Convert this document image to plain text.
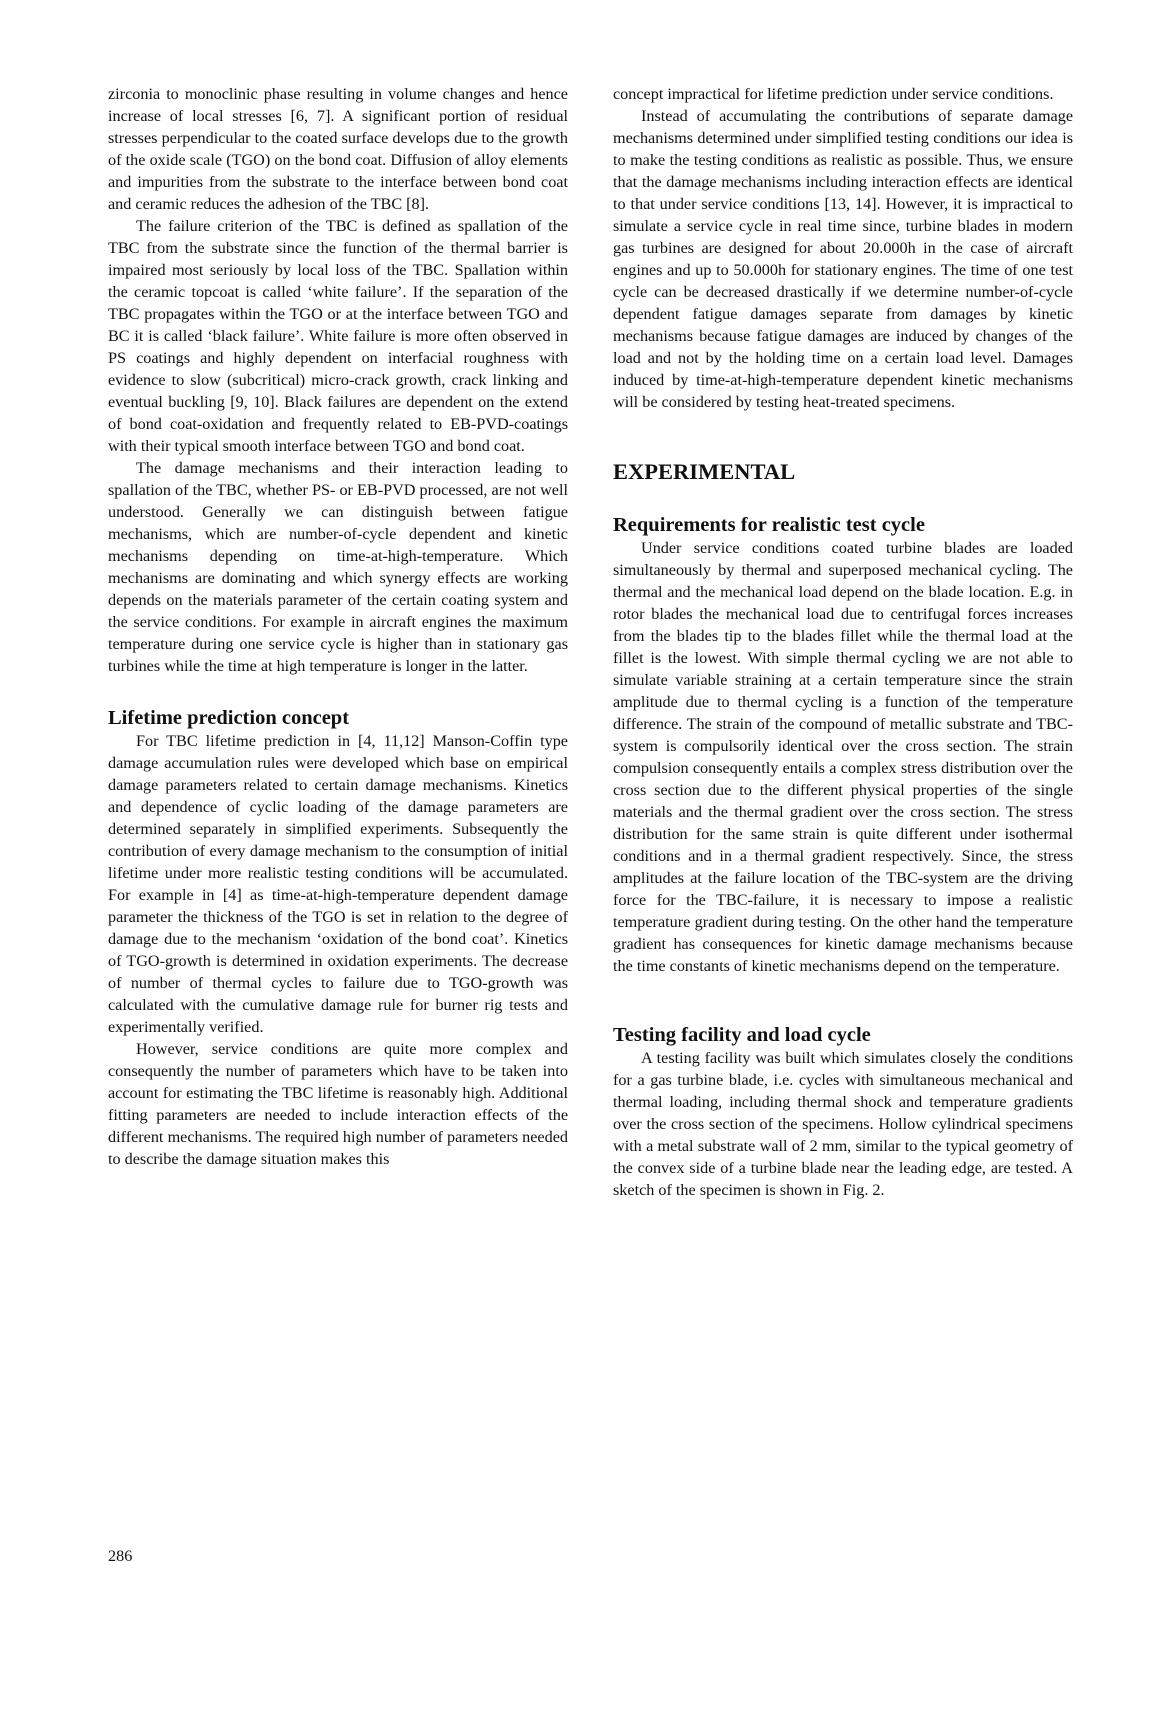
zirconia to monoclinic phase resulting in volume changes and hence increase of local stresses [6, 7]. A significant portion of residual stresses perpendicular to the coated surface develops due to the growth of the oxide scale (TGO) on the bond coat. Diffusion of alloy elements and impurities from the substrate to the interface between bond coat and ceramic reduces the adhesion of the TBC [8].

The failure criterion of the TBC is defined as spallation of the TBC from the substrate since the function of the thermal barrier is impaired most seriously by local loss of the TBC. Spallation within the ceramic topcoat is called ‘white failure’. If the separation of the TBC propagates within the TGO or at the interface between TGO and BC it is called ‘black failure’. White failure is more often observed in PS coatings and highly dependent on interfacial roughness with evidence to slow (subcritical) micro-crack growth, crack linking and eventual buckling [9, 10]. Black failures are dependent on the extend of bond coat-oxidation and frequently related to EB-PVD-coatings with their typical smooth interface between TGO and bond coat.

The damage mechanisms and their interaction leading to spallation of the TBC, whether PS- or EB-PVD processed, are not well understood. Generally we can distinguish between fatigue mechanisms, which are number-of-cycle dependent and kinetic mechanisms depending on time-at-high-temperature. Which mechanisms are dominating and which synergy effects are working depends on the materials parameter of the certain coating system and the service conditions. For example in aircraft engines the maximum temperature during one service cycle is higher than in stationary gas turbines while the time at high temperature is longer in the latter.

Lifetime prediction concept

For TBC lifetime prediction in [4, 11,12] Manson-Coffin type damage accumulation rules were developed which base on empirical damage parameters related to certain damage mechanisms. Kinetics and dependence of cyclic loading of the damage parameters are determined separately in simplified experiments. Subsequently the contribution of every damage mechanism to the consumption of initial lifetime under more realistic testing conditions will be accumulated. For example in [4] as time-at-high-temperature dependent damage parameter the thickness of the TGO is set in relation to the degree of damage due to the mechanism ‘oxidation of the bond coat’. Kinetics of TGO-growth is determined in oxidation experiments. The decrease of number of thermal cycles to failure due to TGO-growth was calculated with the cumulative damage rule for burner rig tests and experimentally verified.

However, service conditions are quite more complex and consequently the number of parameters which have to be taken into account for estimating the TBC lifetime is reasonably high. Additional fitting parameters are needed to include interaction effects of the different mechanisms. The required high number of parameters needed to describe the damage situation makes this

concept impractical for lifetime prediction under service conditions.

Instead of accumulating the contributions of separate damage mechanisms determined under simplified testing conditions our idea is to make the testing conditions as realistic as possible. Thus, we ensure that the damage mechanisms including interaction effects are identical to that under service conditions [13, 14]. However, it is impractical to simulate a service cycle in real time since, turbine blades in modern gas turbines are designed for about 20.000h in the case of aircraft engines and up to 50.000h for stationary engines. The time of one test cycle can be decreased drastically if we determine number-of-cycle dependent fatigue damages separate from damages by kinetic mechanisms because fatigue damages are induced by changes of the load and not by the holding time on a certain load level. Damages induced by time-at-high-temperature dependent kinetic mechanisms will be considered by testing heat-treated specimens.

EXPERIMENTAL
Requirements for realistic test cycle

Under service conditions coated turbine blades are loaded simultaneously by thermal and superposed mechanical cycling. The thermal and the mechanical load depend on the blade location. E.g. in rotor blades the mechanical load due to centrifugal forces increases from the blades tip to the blades fillet while the thermal load at the fillet is the lowest. With simple thermal cycling we are not able to simulate variable straining at a certain temperature since the strain amplitude due to thermal cycling is a function of the temperature difference. The strain of the compound of metallic substrate and TBC-system is compulsorily identical over the cross section. The strain compulsion consequently entails a complex stress distribution over the cross section due to the different physical properties of the single materials and the thermal gradient over the cross section. The stress distribution for the same strain is quite different under isothermal conditions and in a thermal gradient respectively. Since, the stress amplitudes at the failure location of the TBC-system are the driving force for the TBC-failure, it is necessary to impose a realistic temperature gradient during testing. On the other hand the temperature gradient has consequences for kinetic damage mechanisms because the time constants of kinetic mechanisms depend on the temperature.

Testing facility and load cycle

A testing facility was built which simulates closely the conditions for a gas turbine blade, i.e. cycles with simultaneous mechanical and thermal loading, including thermal shock and temperature gradients over the cross section of the specimens. Hollow cylindrical specimens with a metal substrate wall of 2 mm, similar to the typical geometry of the convex side of a turbine blade near the leading edge, are tested. A sketch of the specimen is shown in Fig. 2.

286
